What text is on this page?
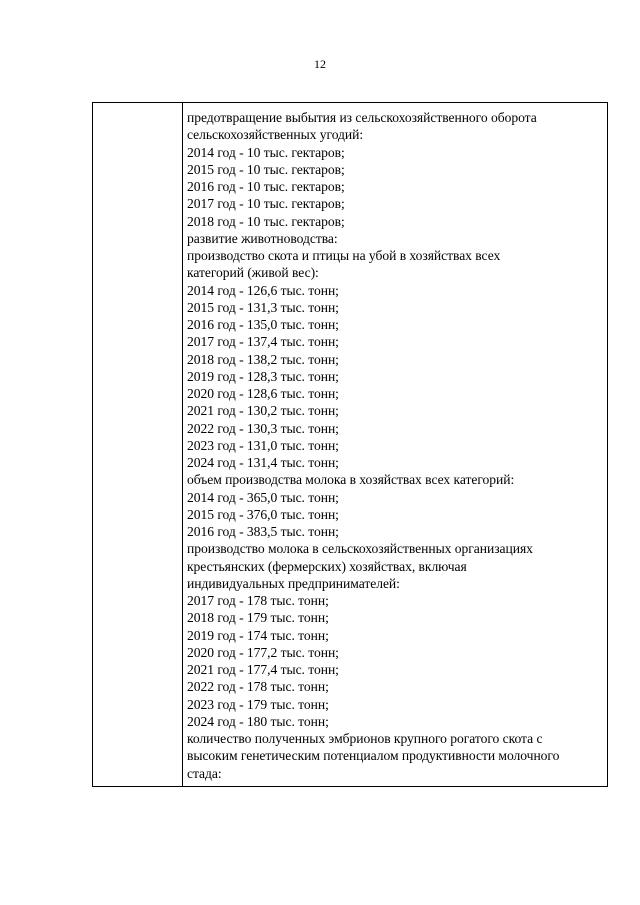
12

предотвращение выбытия из сельскохозяйственного оборота
сельскохозяйственных угодий:
2014 год - 10 тыс. гектаров;
2015 год - 10 тыс. гектаров;
2016 год - 10 тыс. гектаров;
2017 год - 10 тыс. гектаров;
2018 год - 10 тыс. гектаров;
развитие животноводства:
производство скота и птицы на убой в хозяйствах всех
категорий (живой вес):
2014 год - 126,6 тыс. тонн;
2015 год - 131,3 тыс. тонн;
2016 год - 135,0 тыс. тонн;
2017 год - 137,4 тыс. тонн;
2018 год - 138,2 тыс. тонн;
2019 год - 128,3 тыс. тонн;
2020 год - 128,6 тыс. тонн;
2021 год - 130,2 тыс. тонн;
2022 год - 130,3 тыс. тонн;
2023 год - 131,0 тыс. тонн;
2024 год - 131,4 тыс. тонн;
объем производства молока в хозяйствах всех категорий:
2014 год - 365,0 тыс. тонн;
2015 год - 376,0 тыс. тонн;
2016 год - 383,5 тыс. тонн;
производство молока в сельскохозяйственных организациях
крестьянских (фермерских) хозяйствах, включая
индивидуальных предпринимателей:
2017 год - 178 тыс. тонн;
2018 год - 179 тыс. тонн;
2019 год - 174 тыс. тонн;
2020 год - 177,2 тыс. тонн;
2021 год - 177,4 тыс. тонн;
2022 год - 178 тыс. тонн;
2023 год - 179 тыс. тонн;
2024 год - 180 тыс. тонн;
количество полученных эмбрионов крупного рогатого скота с
высоким генетическим потенциалом продуктивности молочного
стада:
